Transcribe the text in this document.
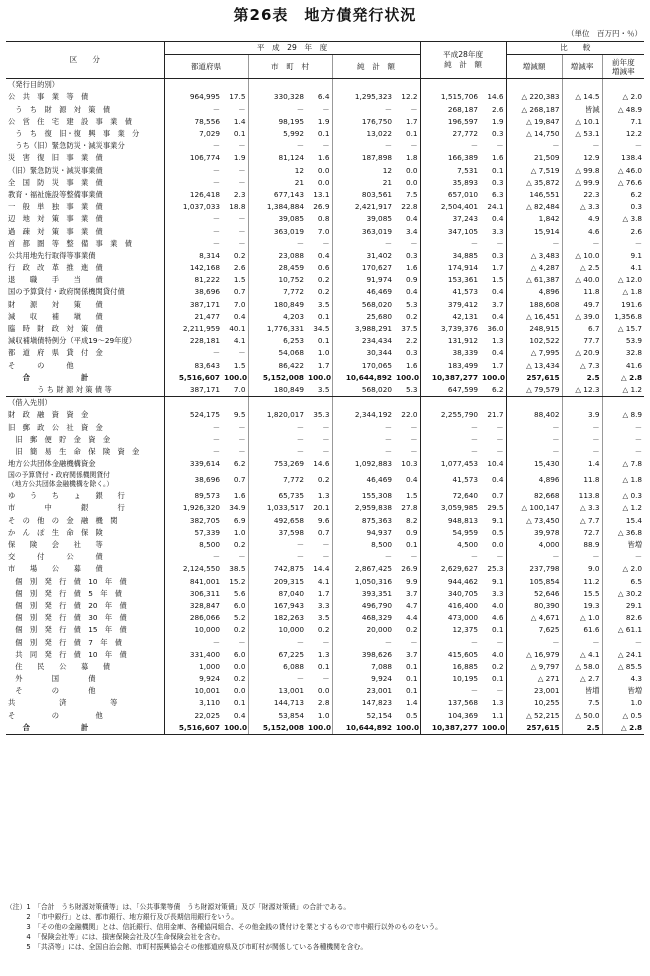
第26表　地方債発行状況
（単位　百万円・％）
区　　分	平　成　29　年　度						平成28年度
純　計　額		比　　較		
	都道府県		市　町　村		純　計　額				増減額	増減率	前年度
増減率
（発行目的別）											
公　共　事　業　等　債	964,995	17.5	330,328	6.4	1,295,323	12.2	1,515,706	14.6	△ 220,383	△ 14.5	△ 2.0
　う　ち　財　源　対　策　債	－	－	－	－	－	－	268,187	2.6	△ 268,187	皆減	△ 48.9
公　営　住　宅　建　設　事　業　債	78,556	1.4	98,195	1.9	176,750	1.7	196,597	1.9	△ 19,847	△ 10.1	7.1
　う　ち　復　旧・復　興　事　業　分	7,029	0.1	5,992	0.1	13,022	0.1	27,772	0.3	△ 14,750	△ 53.1	12.2
　うち（旧）緊急防災・減災事業分	－	－	－	－	－	－	－	－	－	－	－
災　害　復　旧　事　業　債	106,774	1.9	81,124	1.6	187,898	1.8	166,389	1.6	21,509	12.9	138.4
（旧）緊急防災・減災事業債	－	－	12	0.0	12	0.0	7,531	0.1	△ 7,519	△ 99.8	△ 46.0
全　国　防　災　事　業　債	－	－	21	0.0	21	0.0	35,893	0.3	△ 35,872	△ 99.9	△ 76.6
教育・福祉施設等整備事業債	126,418	2.3	677,143	13.1	803,561	7.5	657,010	6.3	146,551	22.3	6.2
一　般　単　独　事　業　債	1,037,033	18.8	1,384,884	26.9	2,421,917	22.8	2,504,401	24.1	△ 82,484	△ 3.3	0.3
辺　地　対　策　事　業　債	－	－	39,085	0.8	39,085	0.4	37,243	0.4	1,842	4.9	△ 3.8
過　疎　対　策　事　業　債	－	－	363,019	7.0	363,019	3.4	347,105	3.3	15,914	4.6	2.6
首　都　圏　等　整　備　事　業　債	－	－	－	－	－	－	－	－	－	－	－
公共用地先行取得等事業債	8,314	0.2	23,088	0.4	31,402	0.3	34,885	0.3	△ 3,483	△ 10.0	9.1
行　政　改　革　推　進　債	142,168	2.6	28,459	0.6	170,627	1.6	174,914	1.7	△ 4,287	△ 2.5	4.1
退　　職　　手　　当　　債	81,222	1.5	10,752	0.2	91,974	0.9	153,361	1.5	△ 61,387	△ 40.0	△ 12.0
国の予算貸付・政府関係機関貸付債	38,696	0.7	7,772	0.2	46,469	0.4	41,573	0.4	4,896	11.8	△ 1.8
財　　源　　対　　策　　債	387,171	7.0	180,849	3.5	568,020	5.3	379,412	3.7	188,608	49.7	191.6
減　　収　　補　　塡　　債	21,477	0.4	4,203	0.1	25,680	0.2	42,131	0.4	△ 16,451	△ 39.0	1,356.8
臨　時　財　政　対　策　債	2,211,959	40.1	1,776,331	34.5	3,988,291	37.5	3,739,376	36.0	248,915	6.7	△ 15.7
減収補塡債特例分（平成19～29年度）	228,181	4.1	6,253	0.1	234,434	2.2	131,912	1.3	102,522	77.7	53.9
都　道　府　県　貸　付　金	－	－	54,068	1.0	30,344	0.3	38,339	0.4	△ 7,995	△ 20.9	32.8
そ　　　の　　　他	83,643	1.5	86,422	1.7	170,065	1.6	183,499	1.7	△ 13,434	△ 7.3	41.6
　　合　　　　　　　計	5,516,607	100.0	5,152,008	100.0	10,644,892	100.0	10,387,277	100.0	257,615	2.5	△ 2.8
　　　　う ち 財 源 対 策 債 等	387,171	7.0	180,849	3.5	568,020	5.3	647,599	6.2	△ 79,579	△ 12.3	△ 1.2
（借入先別）											
財　政　融　資　資　金	524,175	9.5	1,820,017	35.3	2,344,192	22.0	2,255,790	21.7	88,402	3.9	△ 8.9
旧　郵　政　公　社　資　金	－	－	－	－	－	－	－	－	－	－	－
　旧　郵　便　貯　金　資　金	－	－	－	－	－	－	－	－	－	－	－
　旧　簡　易　生　命　保　険　資　金	－	－	－	－	－	－	－	－	－	－	－
地方公共団体金融機構資金	339,614	6.2	753,269	14.6	1,092,883	10.3	1,077,453	10.4	15,430	1.4	△ 7.8
国の予算貸付・政府関係機関貸付
（地方公共団体金融機構を除く。）	38,696	0.7	7,772	0.2	46,469	0.4	41,573	0.4	4,896	11.8	△ 1.8
ゆ　　う　　ち　　ょ　　銀　　行	89,573	1.6	65,735	1.3	155,308	1.5	72,640	0.7	82,668	113.8	△ 0.3
市　　　　中　　　　銀　　　　行	1,926,320	34.9	1,033,517	20.1	2,959,838	27.8	3,059,985	29.5	△ 100,147	△ 3.3	△ 1.2
そ　の　他　の　金　融　機　関	382,705	6.9	492,658	9.6	875,363	8.2	948,813	9.1	△ 73,450	△ 7.7	15.4
か　ん　ぽ　生　命　保　険	57,339	1.0	37,598	0.7	94,937	0.9	54,959	0.5	39,978	72.7	△ 36.8
保　　険　　会　　社　　等	8,500	0.2	－	－	8,500	0.1	4,500	0.0	4,000	88.9	皆増
交　　　付　　　公　　　債	－	－	－	－	－	－	－	－	－	－	－
市　　場　　公　　募　　債	2,124,550	38.5	742,875	14.4	2,867,425	26.9	2,629,627	25.3	237,798	9.0	△ 2.0
　個　別　発　行　債　10　年　債	841,001	15.2	209,315	4.1	1,050,316	9.9	944,462	9.1	105,854	11.2	6.5
　個　別　発　行　債　5　年　債	306,311	5.6	87,040	1.7	393,351	3.7	340,705	3.3	52,646	15.5	△ 30.2
　個　別　発　行　債　20　年　債	328,847	6.0	167,943	3.3	496,790	4.7	416,400	4.0	80,390	19.3	29.1
　個　別　発　行　債　30　年　債	286,066	5.2	182,263	3.5	468,329	4.4	473,000	4.6	△ 4,671	△ 1.0	82.6
　個　別　発　行　債　15　年　債	10,000	0.2	10,000	0.2	20,000	0.2	12,375	0.1	7,625	61.6	△ 61.1
　個　別　発　行　債　7　年　債	－	－	－	－	－	－	－	－	－	－	－
　共　同　発　行　債　10　年　債	331,400	6.0	67,225	1.3	398,626	3.7	415,605	4.0	△ 16,979	△ 4.1	△ 24.1
　住　　民　　公　　募　　債	1,000	0.0	6,088	0.1	7,088	0.1	16,885	0.2	△ 9,797	△ 58.0	△ 85.5
　外　　　　国　　　　債	9,924	0.2	－	－	9,924	0.1	10,195	0.1	△ 271	△ 2.7	4.3
　そ　　　　の　　　　他	10,001	0.0	13,001	0.0	23,001	0.1	－	－	23,001	皆増	皆増
共　　　　　　済　　　　　　等	3,110	0.1	144,713	2.8	147,823	1.4	137,568	1.3	10,255	7.5	1.0
そ　　　　　の　　　　　他	22,025	0.4	53,854	1.0	52,154	0.5	104,369	1.1	△ 52,215	△ 50.0	△ 0.5
　　合　　　　　　　計	5,516,607	100.0	5,152,008	100.0	10,644,892	100.0	10,387,277	100.0	257,615	2.5	△ 2.8
（注）1　「合計　うち財源対策債等」は、「公共事業等債　うち財源対策債」及び「財源対策債」の合計である。
　　　2　「市中銀行」とは、都市銀行、地方銀行及び長期信用銀行をいう。
　　　3　「その他の金融機関」とは、信託銀行、信用金庫、各種協同組合、その他金銭の貸付けを業とするもので市中銀行以外のものをいう。
　　　4　「保険会社等」には、損害保険会社及び生命保険会社を含む。
　　　5　「共済等」には、全国自治会館、市町村振興協会その他都道府県及び市町村が関係している各種機関を含む。
